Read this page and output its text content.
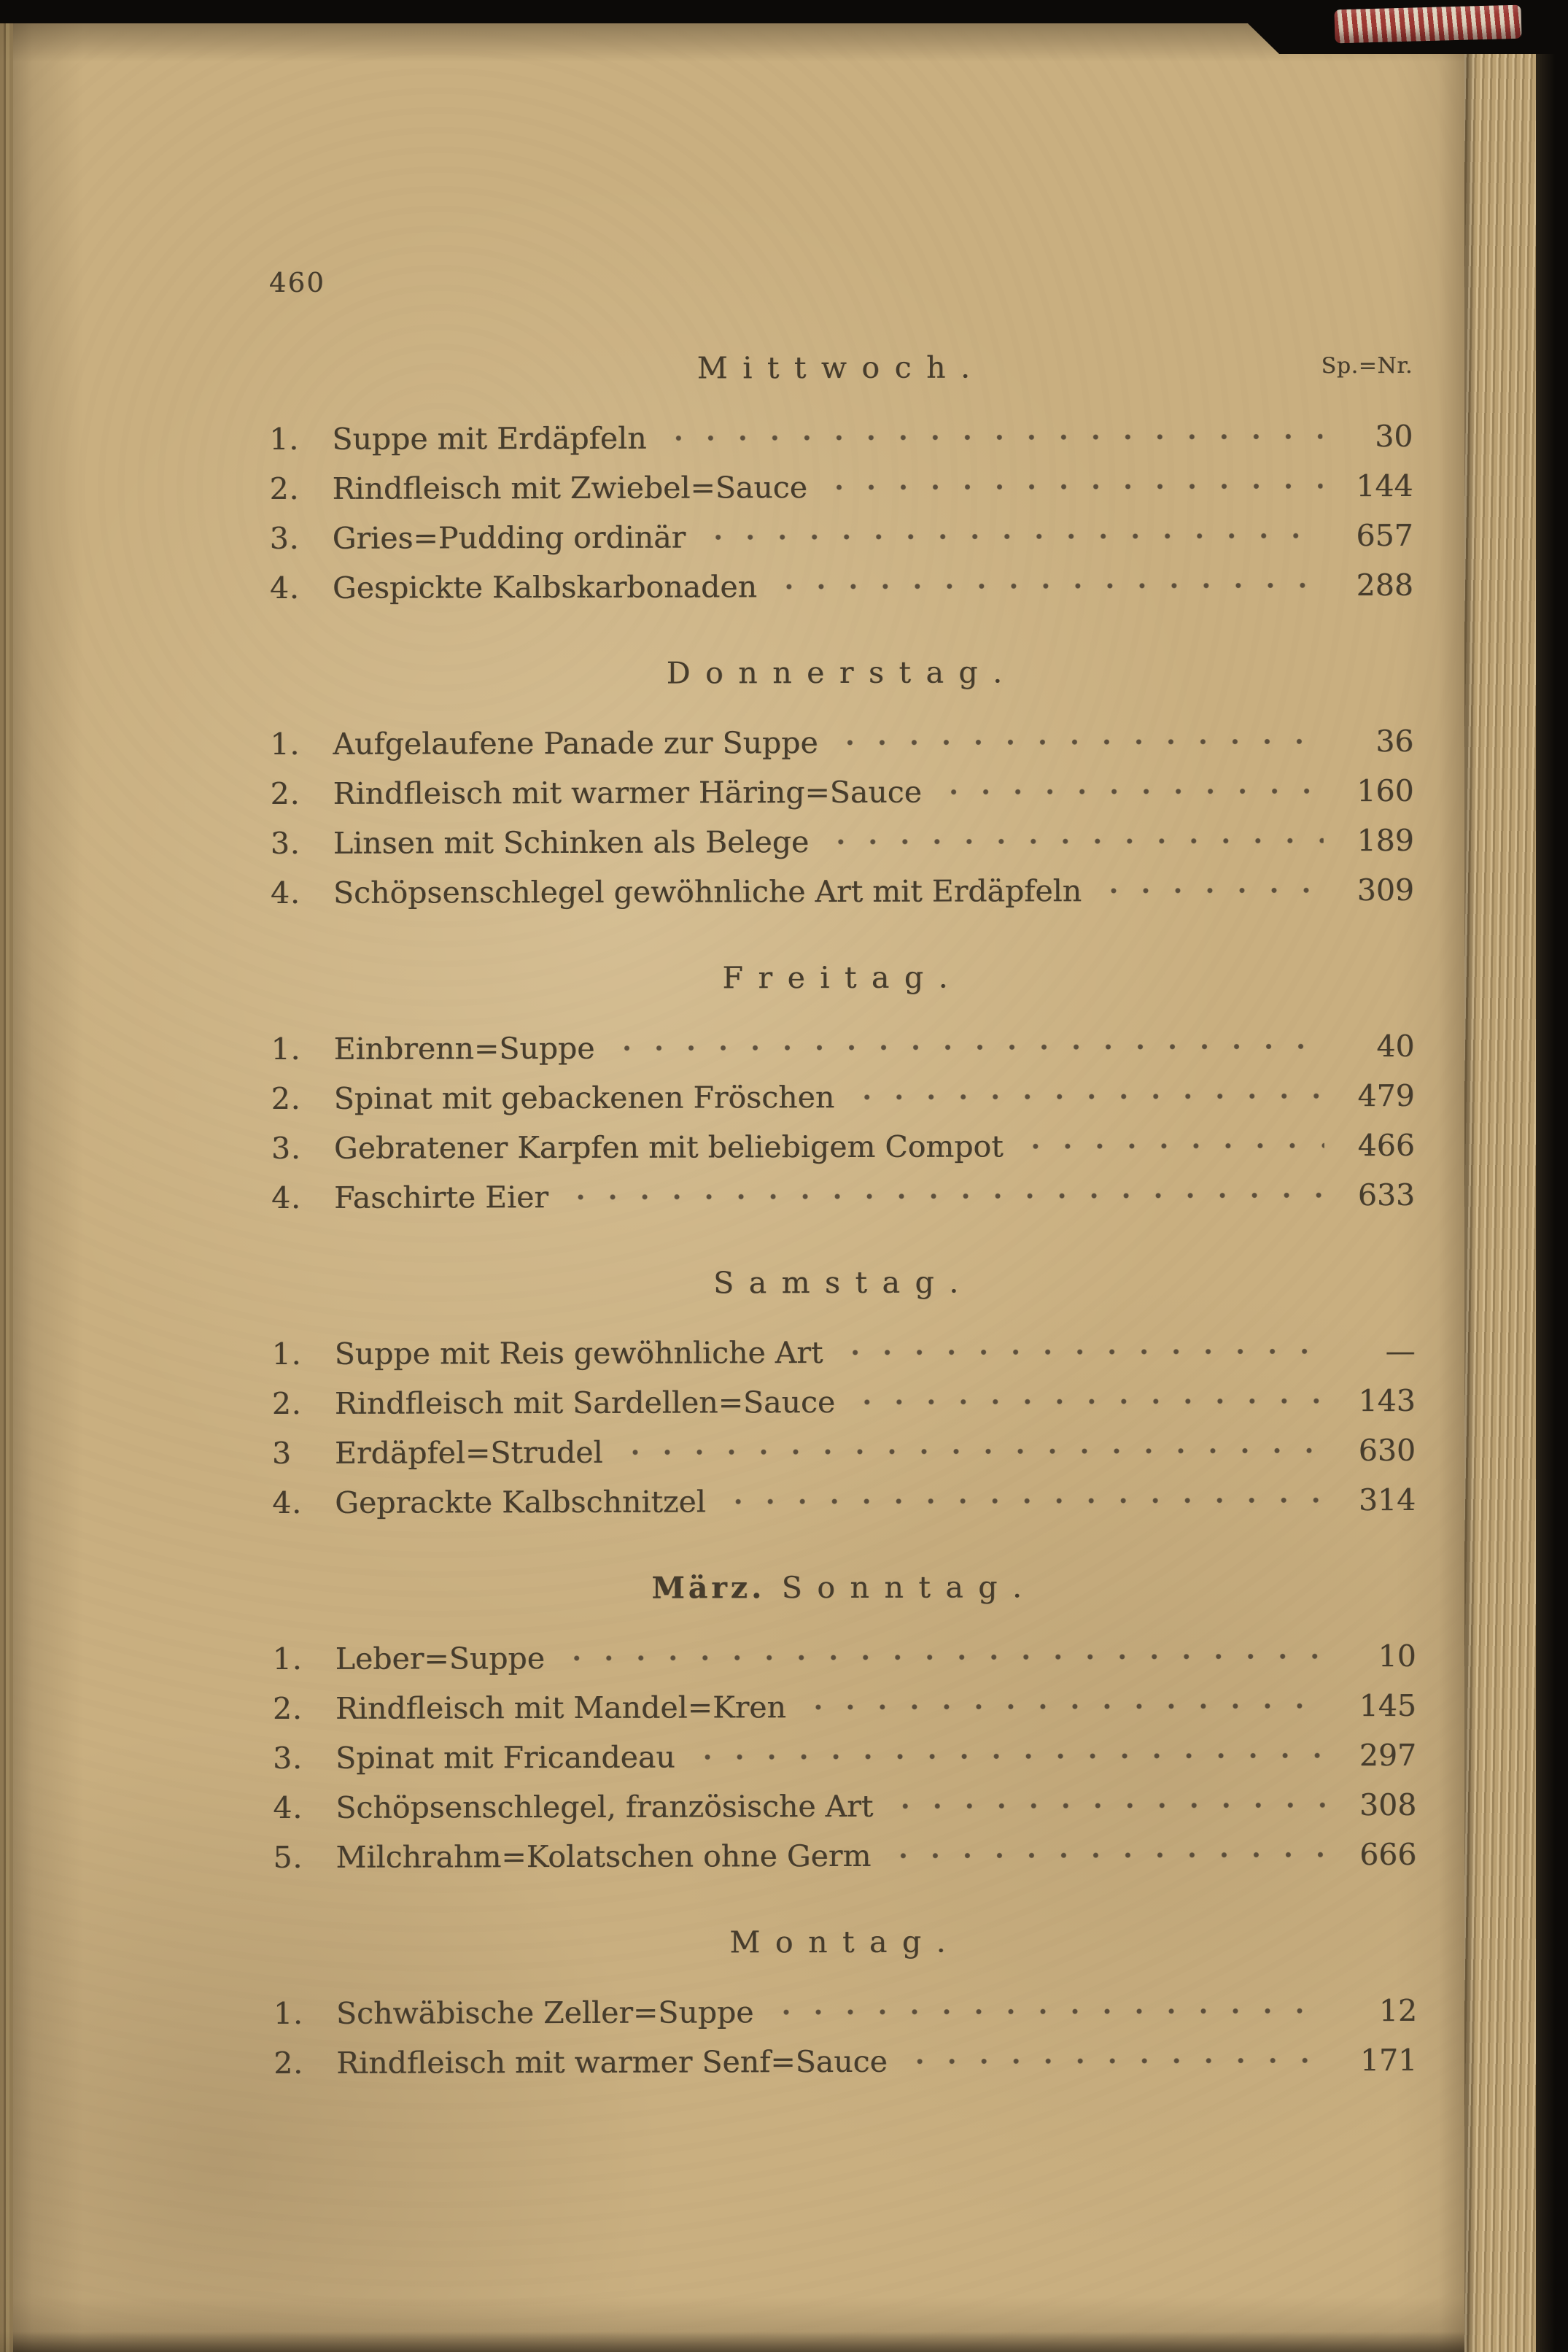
460
Mittwoch.	Sp.=Nr.
1.	Suppe mit Erdäpfeln	30
2.	Rindfleisch mit Zwiebel=Sauce	144
3.	Gries=Pudding ordinär	657
4.	Gespickte Kalbskarbonaden	288
Donnerstag.
1.	Aufgelaufene Panade zur Suppe	36
2.	Rindfleisch mit warmer Häring=Sauce	160
3.	Linsen mit Schinken als Belege	189
4.	Schöpsenschlegel gewöhnliche Art mit Erdäpfeln	309
Freitag.
1.	Einbrenn=Suppe	40
2.	Spinat mit gebackenen Fröschen	479
3.	Gebratener Karpfen mit beliebigem Compot	466
4.	Faschirte Eier	633
Samstag.
1.	Suppe mit Reis gewöhnliche Art	—
2.	Rindfleisch mit Sardellen=Sauce	143
3	Erdäpfel=Strudel	630
4.	Geprackte Kalbschnitzel	314
März. Sonntag.
1.	Leber=Suppe	10
2.	Rindfleisch mit Mandel=Kren	145
3.	Spinat mit Fricandeau	297
4.	Schöpsenschlegel, französische Art	308
5.	Milchrahm=Kolatschen ohne Germ	666
Montag.
1.	Schwäbische Zeller=Suppe	12
2.	Rindfleisch mit warmer Senf=Sauce	171
